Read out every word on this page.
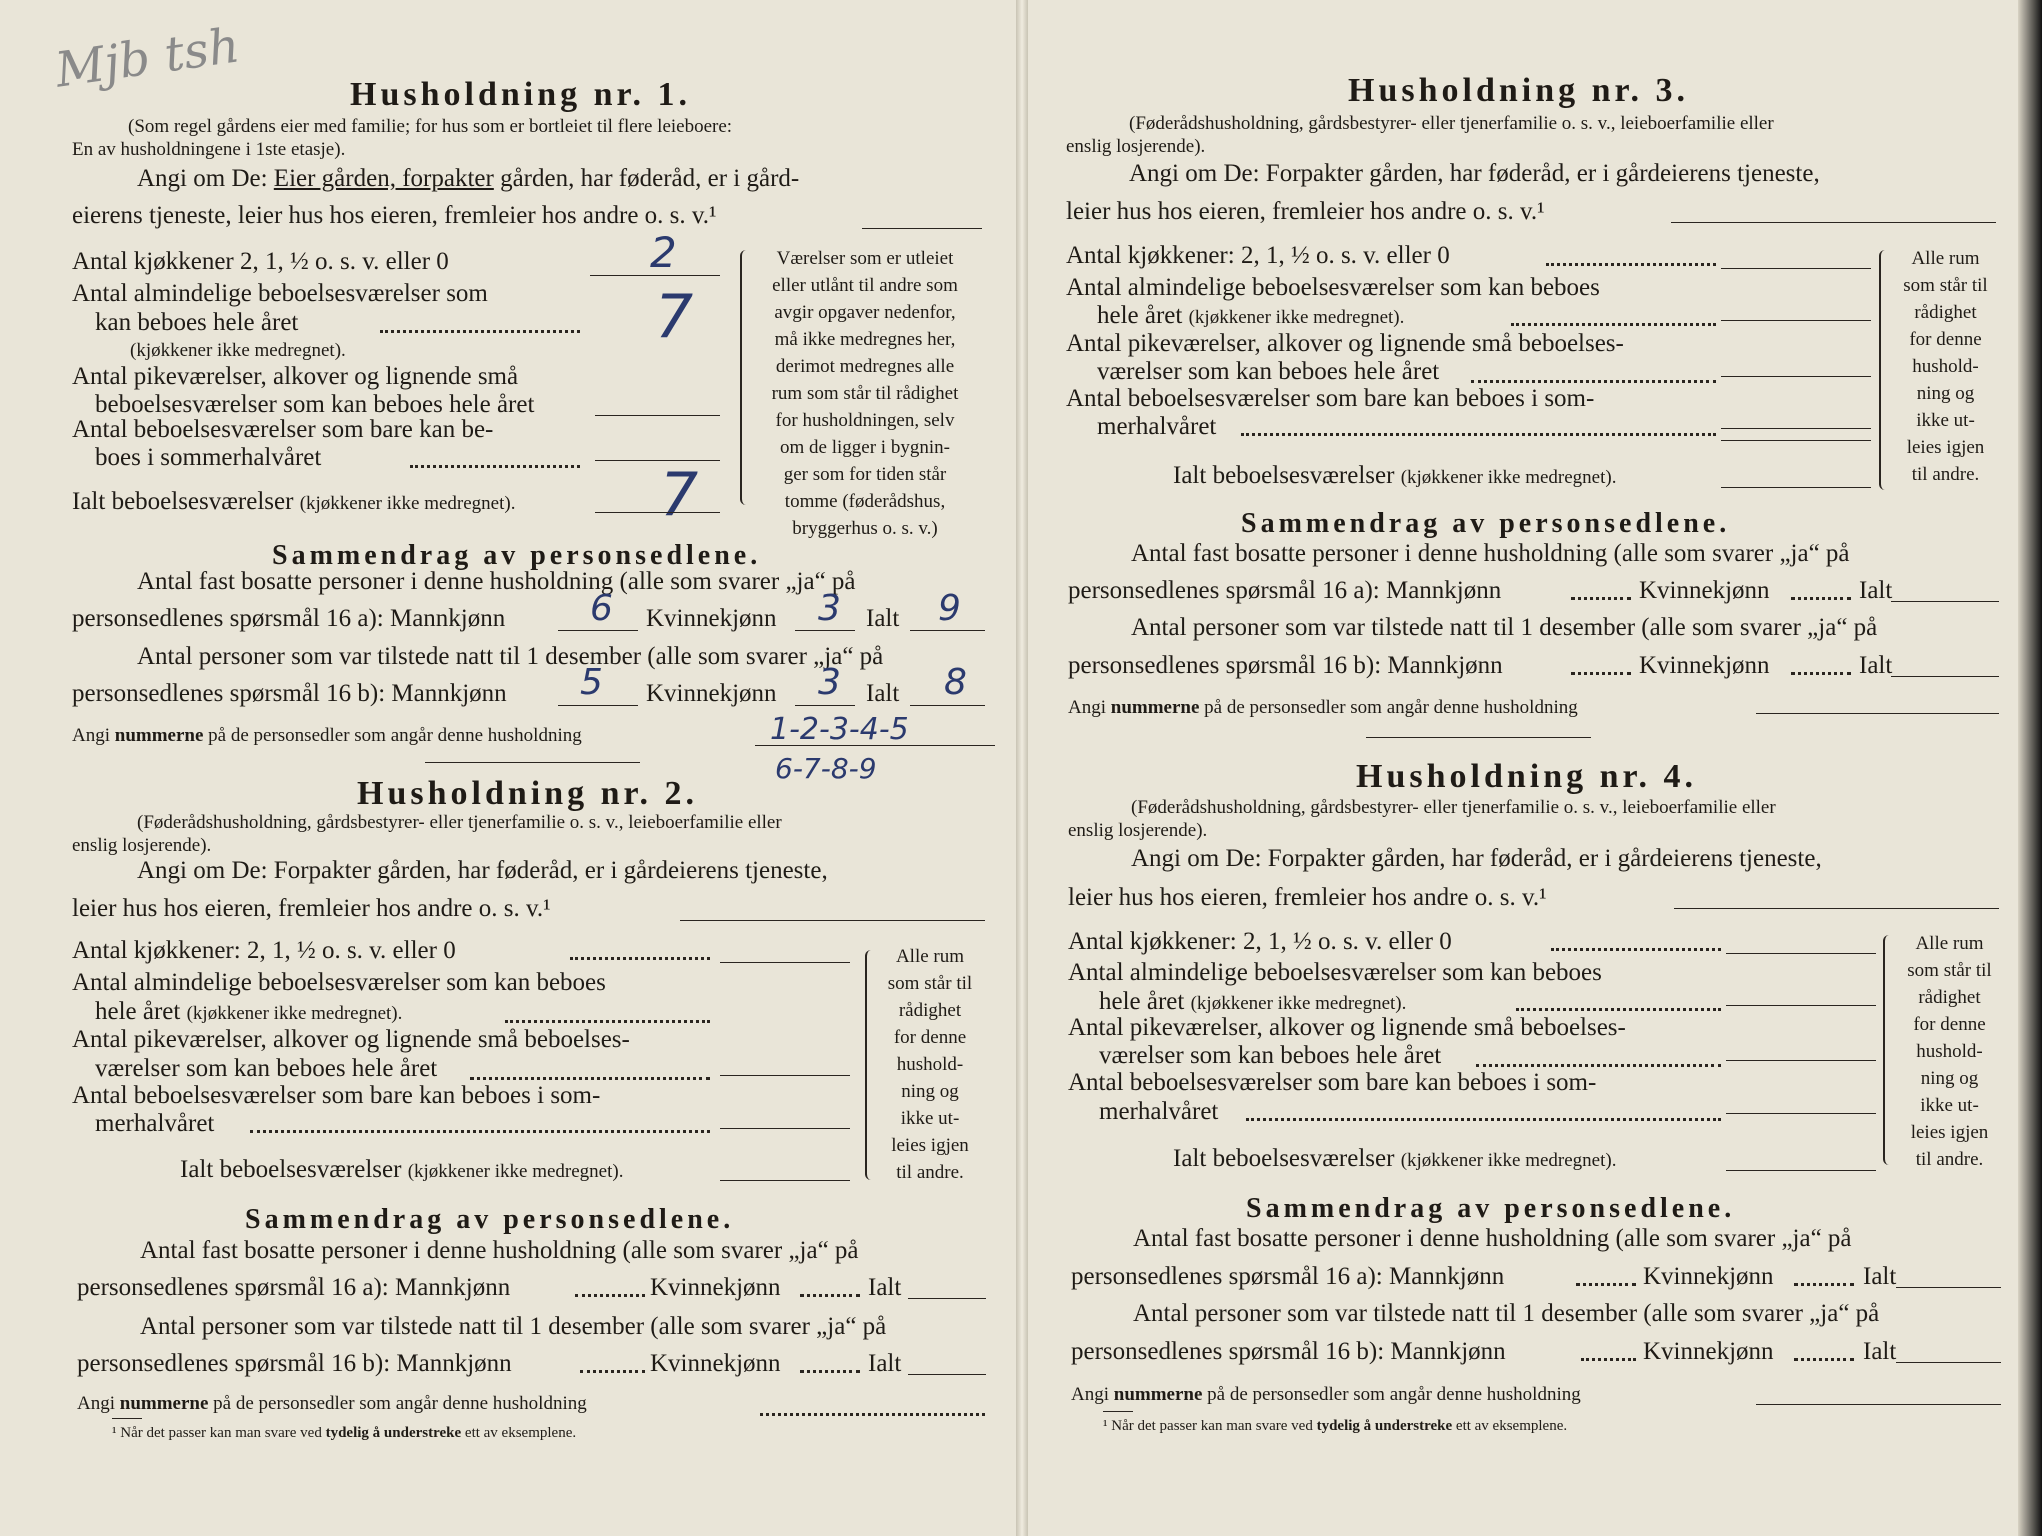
Mjb tsh	Husholdning nr. 1.
(Som regel gårdens eier med familie; for hus som er bortleiet til flere leieboere:
En av husholdningene i 1ste etasje).
Angi om De: Eier gården, forpakter gården, har føderåd, er i gård-
eierens tjeneste, leier hus hos eieren, fremleier hos andre o. s. v.¹
Antal kjøkkener 2, 1, ½ o. s. v. eller 0	2
Antal almindelige beboelsesværelser som
kan beboes hele året
(kjøkkener ikke medregnet).	7
Antal pikeværelser, alkover og lignende små
beboelsesværelser som kan beboes hele året
Antal beboelsesværelser som bare kan be-
boes i sommerhalvåret
Ialt beboelsesværelser (kjøkkener ikke medregnet). 7
Værelser som er utleiet
eller utlånt til andre som
avgir opgaver nedenfor,
må ikke medregnes her,
derimot medregnes alle
rum som står til rådighet
for husholdningen, selv
om de ligger i bygnin-
ger som for tiden står
tomme (føderådshus,
bryggerhus o. s. v.)
Sammendrag av personsedlene.
Antal fast bosatte personer i denne husholdning (alle som svarer „ja“ på
personsedlenes spørsmål 16 a): Mannkjønn 6 Kvinnekjønn 3 Ialt 9
Antal personer som var tilstede natt til 1 desember (alle som svarer „ja“ på
personsedlenes spørsmål 16 b): Mannkjønn 5 Kvinnekjønn 3 Ialt 8
Angi nummerne på de personsedler som angår denne husholdning	1-2-3-4-5
6-7-8-9
Husholdning nr. 2.
(Føderådshusholdning, gårdsbestyrer- eller tjenerfamilie o. s. v., leieboerfamilie eller
enslig losjerende).
Angi om De: Forpakter gården, har føderåd, er i gårdeierens tjeneste,
leier hus hos eieren, fremleier hos andre o. s. v.¹
Antal kjøkkener: 2, 1, ½ o. s. v. eller 0
Antal almindelige beboelsesværelser som kan beboes
hele året (kjøkkener ikke medregnet).
Antal pikeværelser, alkover og lignende små beboelses-
værelser som kan beboes hele året
Antal beboelsesværelser som bare kan beboes i som-
merhalvåret
Ialt beboelsesværelser (kjøkkener ikke medregnet).
Alle rum
som står til
rådighet
for denne
hushold-
ning og
ikke ut-
leies igjen
til andre.
Sammendrag av personsedlene.
Antal fast bosatte personer i denne husholdning (alle som svarer „ja“ på
personsedlenes spørsmål 16 a): Mannkjønn	Kvinnekjønn	Ialt
Antal personer som var tilstede natt til 1 desember (alle som svarer „ja“ på
personsedlenes spørsmål 16 b): Mannkjønn	Kvinnekjønn	Ialt
Angi nummerne på de personsedler som angår denne husholdning
¹ Når det passer kan man svare ved tydelig å understreke ett av eksemplene.
Husholdning nr. 3.
(Føderådshusholdning, gårdsbestyrer- eller tjenerfamilie o. s. v., leieboerfamilie eller
enslig losjerende).
Angi om De: Forpakter gården, har føderåd, er i gårdeierens tjeneste,
leier hus hos eieren, fremleier hos andre o. s. v.¹
Antal kjøkkener: 2, 1, ½ o. s. v. eller 0
Antal almindelige beboelsesværelser som kan beboes
hele året (kjøkkener ikke medregnet).
Antal pikeværelser, alkover og lignende små beboelses-
værelser som kan beboes hele året
Antal beboelsesværelser som bare kan beboes i som-
merhalvåret
Ialt beboelsesværelser (kjøkkener ikke medregnet).
Alle rum
som står til
rådighet
for denne
hushold-
ning og
ikke ut-
leies igjen
til andre.
Sammendrag av personsedlene.
Antal fast bosatte personer i denne husholdning (alle som svarer „ja“ på
personsedlenes spørsmål 16 a): Mannkjønn	Kvinnekjønn	Ialt
Antal personer som var tilstede natt til 1 desember (alle som svarer „ja“ på
personsedlenes spørsmål 16 b): Mannkjønn	Kvinnekjønn	Ialt
Angi nummerne på de personsedler som angår denne husholdning
Husholdning nr. 4.
(Føderådshusholdning, gårdsbestyrer- eller tjenerfamilie o. s. v., leieboerfamilie eller
enslig losjerende).
Angi om De: Forpakter gården, har føderåd, er i gårdeierens tjeneste,
leier hus hos eieren, fremleier hos andre o. s. v.¹
Antal kjøkkener: 2, 1, ½ o. s. v. eller 0
Antal almindelige beboelsesværelser som kan beboes
hele året (kjøkkener ikke medregnet).
Antal pikeværelser, alkover og lignende små beboelses-
værelser som kan beboes hele året
Antal beboelsesværelser som bare kan beboes i som-
merhalvåret
Ialt beboelsesværelser (kjøkkener ikke medregnet).
Alle rum
som står til
rådighet
for denne
hushold-
ning og
ikke ut-
leies igjen
til andre.
Sammendrag av personsedlene.
Antal fast bosatte personer i denne husholdning (alle som svarer „ja“ på
personsedlenes spørsmål 16 a): Mannkjønn	Kvinnekjønn	Ialt
Antal personer som var tilstede natt til 1 desember (alle som svarer „ja“ på
personsedlenes spørsmål 16 b): Mannkjønn	Kvinnekjønn	Ialt
Angi nummerne på de personsedler som angår denne husholdning
¹ Når det passer kan man svare ved tydelig å understreke ett av eksemplene.
